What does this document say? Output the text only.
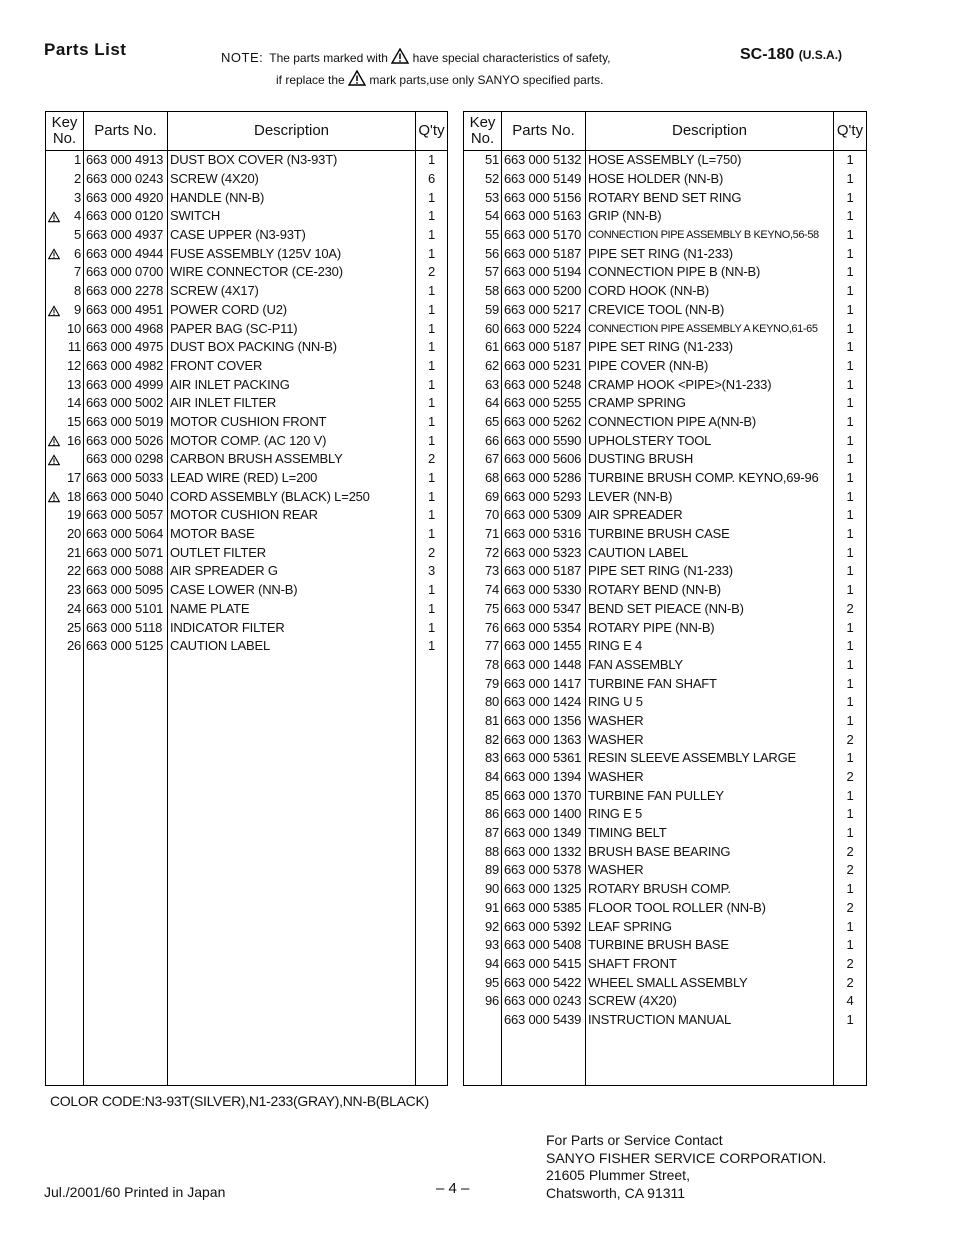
Parts List	NOTE: The parts marked with have special characteristics of safety,
if replace the mark parts,use only SANYO specified parts.
SC-180 (U.S.A.)
Key No.	Parts No.	Description	Q'ty
1	663 000 4913	DUST BOX COVER (N3-93T)	1
2	663 000 0243	SCREW (4X20)	6
3	663 000 4920	HANDLE (NN-B)	1
4	663 000 0120	SWITCH	1
5	663 000 4937	CASE UPPER (N3-93T)	1
6	663 000 4944	FUSE ASSEMBLY (125V 10A)	1
7	663 000 0700	WIRE CONNECTOR (CE-230)	2
8	663 000 2278	SCREW (4X17)	1
9	663 000 4951	POWER CORD (U2)	1
10	663 000 4968	PAPER BAG (SC-P11)	1
11	663 000 4975	DUST BOX PACKING (NN-B)	1
12	663 000 4982	FRONT COVER	1
13	663 000 4999	AIR INLET PACKING	1
14	663 000 5002	AIR INLET FILTER	1
15	663 000 5019	MOTOR CUSHION FRONT	1
16	663 000 5026	MOTOR COMP. (AC 120 V)	1

	663 000 0298	CARBON BRUSH ASSEMBLY	2
17	663 000 5033	LEAD WIRE (RED) L=200	1
18	663 000 5040	CORD ASSEMBLY (BLACK) L=250	1
19	663 000 5057	MOTOR CUSHION REAR	1
20	663 000 5064	MOTOR BASE	1
21	663 000 5071	OUTLET FILTER	2
22	663 000 5088	AIR SPREADER G	3
23	663 000 5095	CASE LOWER (NN-B)	1
24	663 000 5101	NAME PLATE	1
25	663 000 5118	INDICATOR FILTER	1
26	663 000 5125	CAUTION LABEL	1

Key No.	Parts No.	Description	Q'ty
51	663 000 5132	HOSE ASSEMBLY (L=750)	1
52	663 000 5149	HOSE HOLDER (NN-B)	1
53	663 000 5156	ROTARY BEND SET RING	1
54	663 000 5163	GRIP (NN-B)	1
55	663 000 5170	CONNECTION PIPE ASSEMBLY B KEYNO,56-58	1
56	663 000 5187	PIPE SET RING (N1-233)	1
57	663 000 5194	CONNECTION PIPE B (NN-B)	1
58	663 000 5200	CORD HOOK (NN-B)	1
59	663 000 5217	CREVICE TOOL (NN-B)	1
60	663 000 5224	CONNECTION PIPE ASSEMBLY A KEYNO,61-65	1
61	663 000 5187	PIPE SET RING (N1-233)	1
62	663 000 5231	PIPE COVER (NN-B)	1
63	663 000 5248	CRAMP HOOK <PIPE>(N1-233)	1
64	663 000 5255	CRAMP SPRING	1
65	663 000 5262	CONNECTION PIPE A(NN-B)	1
66	663 000 5590	UPHOLSTERY TOOL	1
67	663 000 5606	DUSTING BRUSH	1
68	663 000 5286	TURBINE BRUSH COMP. KEYNO,69-96	1
69	663 000 5293	LEVER (NN-B)	1
70	663 000 5309	AIR SPREADER	1
71	663 000 5316	TURBINE BRUSH CASE	1
72	663 000 5323	CAUTION LABEL	1
73	663 000 5187	PIPE SET RING (N1-233)	1
74	663 000 5330	ROTARY BEND (NN-B)	1
75	663 000 5347	BEND SET PIEACE (NN-B)	2
76	663 000 5354	ROTARY PIPE (NN-B)	1
77	663 000 1455	RING E 4	1
78	663 000 1448	FAN ASSEMBLY	1
79	663 000 1417	TURBINE FAN SHAFT	1
80	663 000 1424	RING U 5	1
81	663 000 1356	WASHER	1
82	663 000 1363	WASHER	2
83	663 000 5361	RESIN SLEEVE ASSEMBLY LARGE	1
84	663 000 1394	WASHER	2
85	663 000 1370	TURBINE FAN PULLEY	1
86	663 000 1400	RING E 5	1
87	663 000 1349	TIMING BELT	1
88	663 000 1332	BRUSH BASE BEARING	2
89	663 000 5378	WASHER	2
90	663 000 1325	ROTARY BRUSH COMP.	1
91	663 000 5385	FLOOR TOOL ROLLER (NN-B)	2
92	663 000 5392	LEAF SPRING	1
93	663 000 5408	TURBINE BRUSH BASE	1
94	663 000 5415	SHAFT FRONT	2
95	663 000 5422	WHEEL SMALL ASSEMBLY	2
96	663 000 0243	SCREW (4X20)	4
	663 000 5439	INSTRUCTION MANUAL	1

COLOR CODE:N3-93T(SILVER),N1-233(GRAY),NN-B(BLACK)
Jul./2001/60 Printed in Japan	– 4 –
For Parts or Service Contact
SANYO FISHER SERVICE CORPORATION.
21605 Plummer Street,
Chatsworth, CA 91311
